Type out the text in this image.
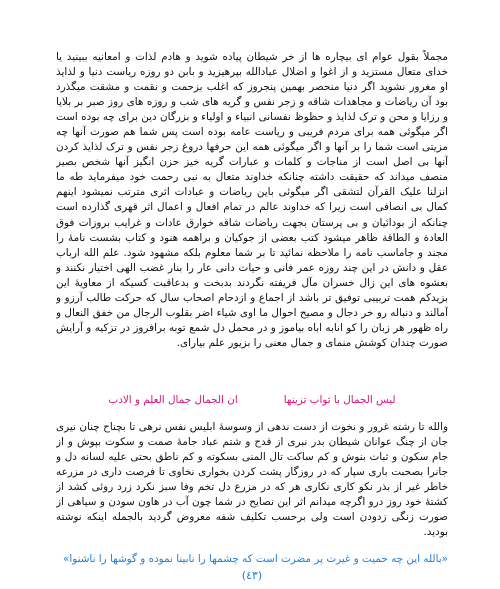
مجملاً بقول عوام ای بیچاره ها از خر شیطان پیاده شوید و هادم لذات و امعانیه ببینید یا خدای متعال مستزید و از اغوا و اضلال عبادالله بپرهیزید و بابن دو روزه ریاست دنیا و لذایذ او مغرور نشوید اگر دنیا منحصر بهمین پنجروز که اغلب بزحمت و نقمت و مشقت میگذرد بود آن ریاضات و مجاهدات شاقه و زجر نفس و گریه های شب و روزه های روز صبر بر بلایا و رزایا و محن و ترک لذایذ و حظوظ نفسانی انبیاء و اولیاء و بزرگان دین برای چه بوده است اگر میگوئی همه برای مردم فریبی و ریاست عامه بوده است پس شما هم صورت آنها چه مزیتی است شما را بر آنها و اگر میگوئی همه این حرفها دروغ زجر نفس و ترک لذایذ کردن آنها بی اصل است از مناجات و کلمات و عبارات گریه خیز حزن انگیز آنها شخص بصیر منصف میداند که حقیقت داشته چنانکه خداوند متعال به نبی رحمت خود میفرماید طه ما انزلنا علیک القرآن لتشقی اگر میگوئی باین ریاضات و عبادات اثری مترتب نمیشود اینهم کمال بی انصافی است زیرا که خداوند عالم در تمام افعال و اعمال اثر قهری گذارده است چنانکه از بودائیان و بی پرستان بجهت ریاضات شاقه خوارق عادات و غرایب بروزات فوق العادة و الطاقة ظاهر میشود کتب بعضی از جوکیان و براهمه هنود و کتاب بشست نامهٔ را مجند و جاماسب نامه را ملاحظه نمائید تا بر شما معلوم بلکه مشهود شود. علم الله ارباب عقل و دانش در این چند روزه عمر فانی و حیات دانی عار را بنار غضب الهی اختیار نکنند و بعشوه های این زال خسران مآل فریفته نگردند بدبخت و بدعاقبت کسیکه از معاویهٔ این بزیدکم همت تربیبی توفیق تر باشد از اجماع و ازدحام اصحاب سال که حرکت طالب آرزو و آمالند و دنباله رو خر دجال و مصیح احوال ما اوی شیاء اضر بقلوب الرجال من خفق النعال و راه ظهور هر زبان را کو انابه اباه بیاموز و در محمل دل شمع توبه برافروز در تزکیه و آرایش صورت چندان کوشش منمای و جمال معنی را بزیور علم بیارای.

لیس الجمال با ثواب تزینها
ان الجمال جمال العلم و الادب

والله تا رشته غرور و نخوت از دست ندهی از وسوسهٔ ابلیس نفس نرهی تا بچناح چنان نیری جان از چنگ عوانان شیطان بدر نبری از قدح و شتم عباد جامهٔ صمت و سکوت بپوش و از جام سکون و ثبات بنوش و کم ساکت تال المنی بسکوته و کم ناطق بحتی علیه لسانه دل و جانرا بصحبت باری سپار که در روزگار پشت کردن بخواری نخاوی تا فرصت داری در مزرعه خاطر غیر از بذر نکو کاری نکاری هر که در مزرع دل تخم وفا سبز نکرد زرد روئی کشد از کشتهٔ خود روز درو اگرچه میدانم اثر این نصایح در شما چون آب در هاون سودن و سیاهی از صورت زنگی زدودن است ولی برحسب تکلیف شفه معروض گردید بالجمله اینکه نوشته بودید.

«بالله این چه حمیت و غیرت پر مضرت است که چشمها را نابینا نموده و گوشها را ناشنوا»

(٤٣)
